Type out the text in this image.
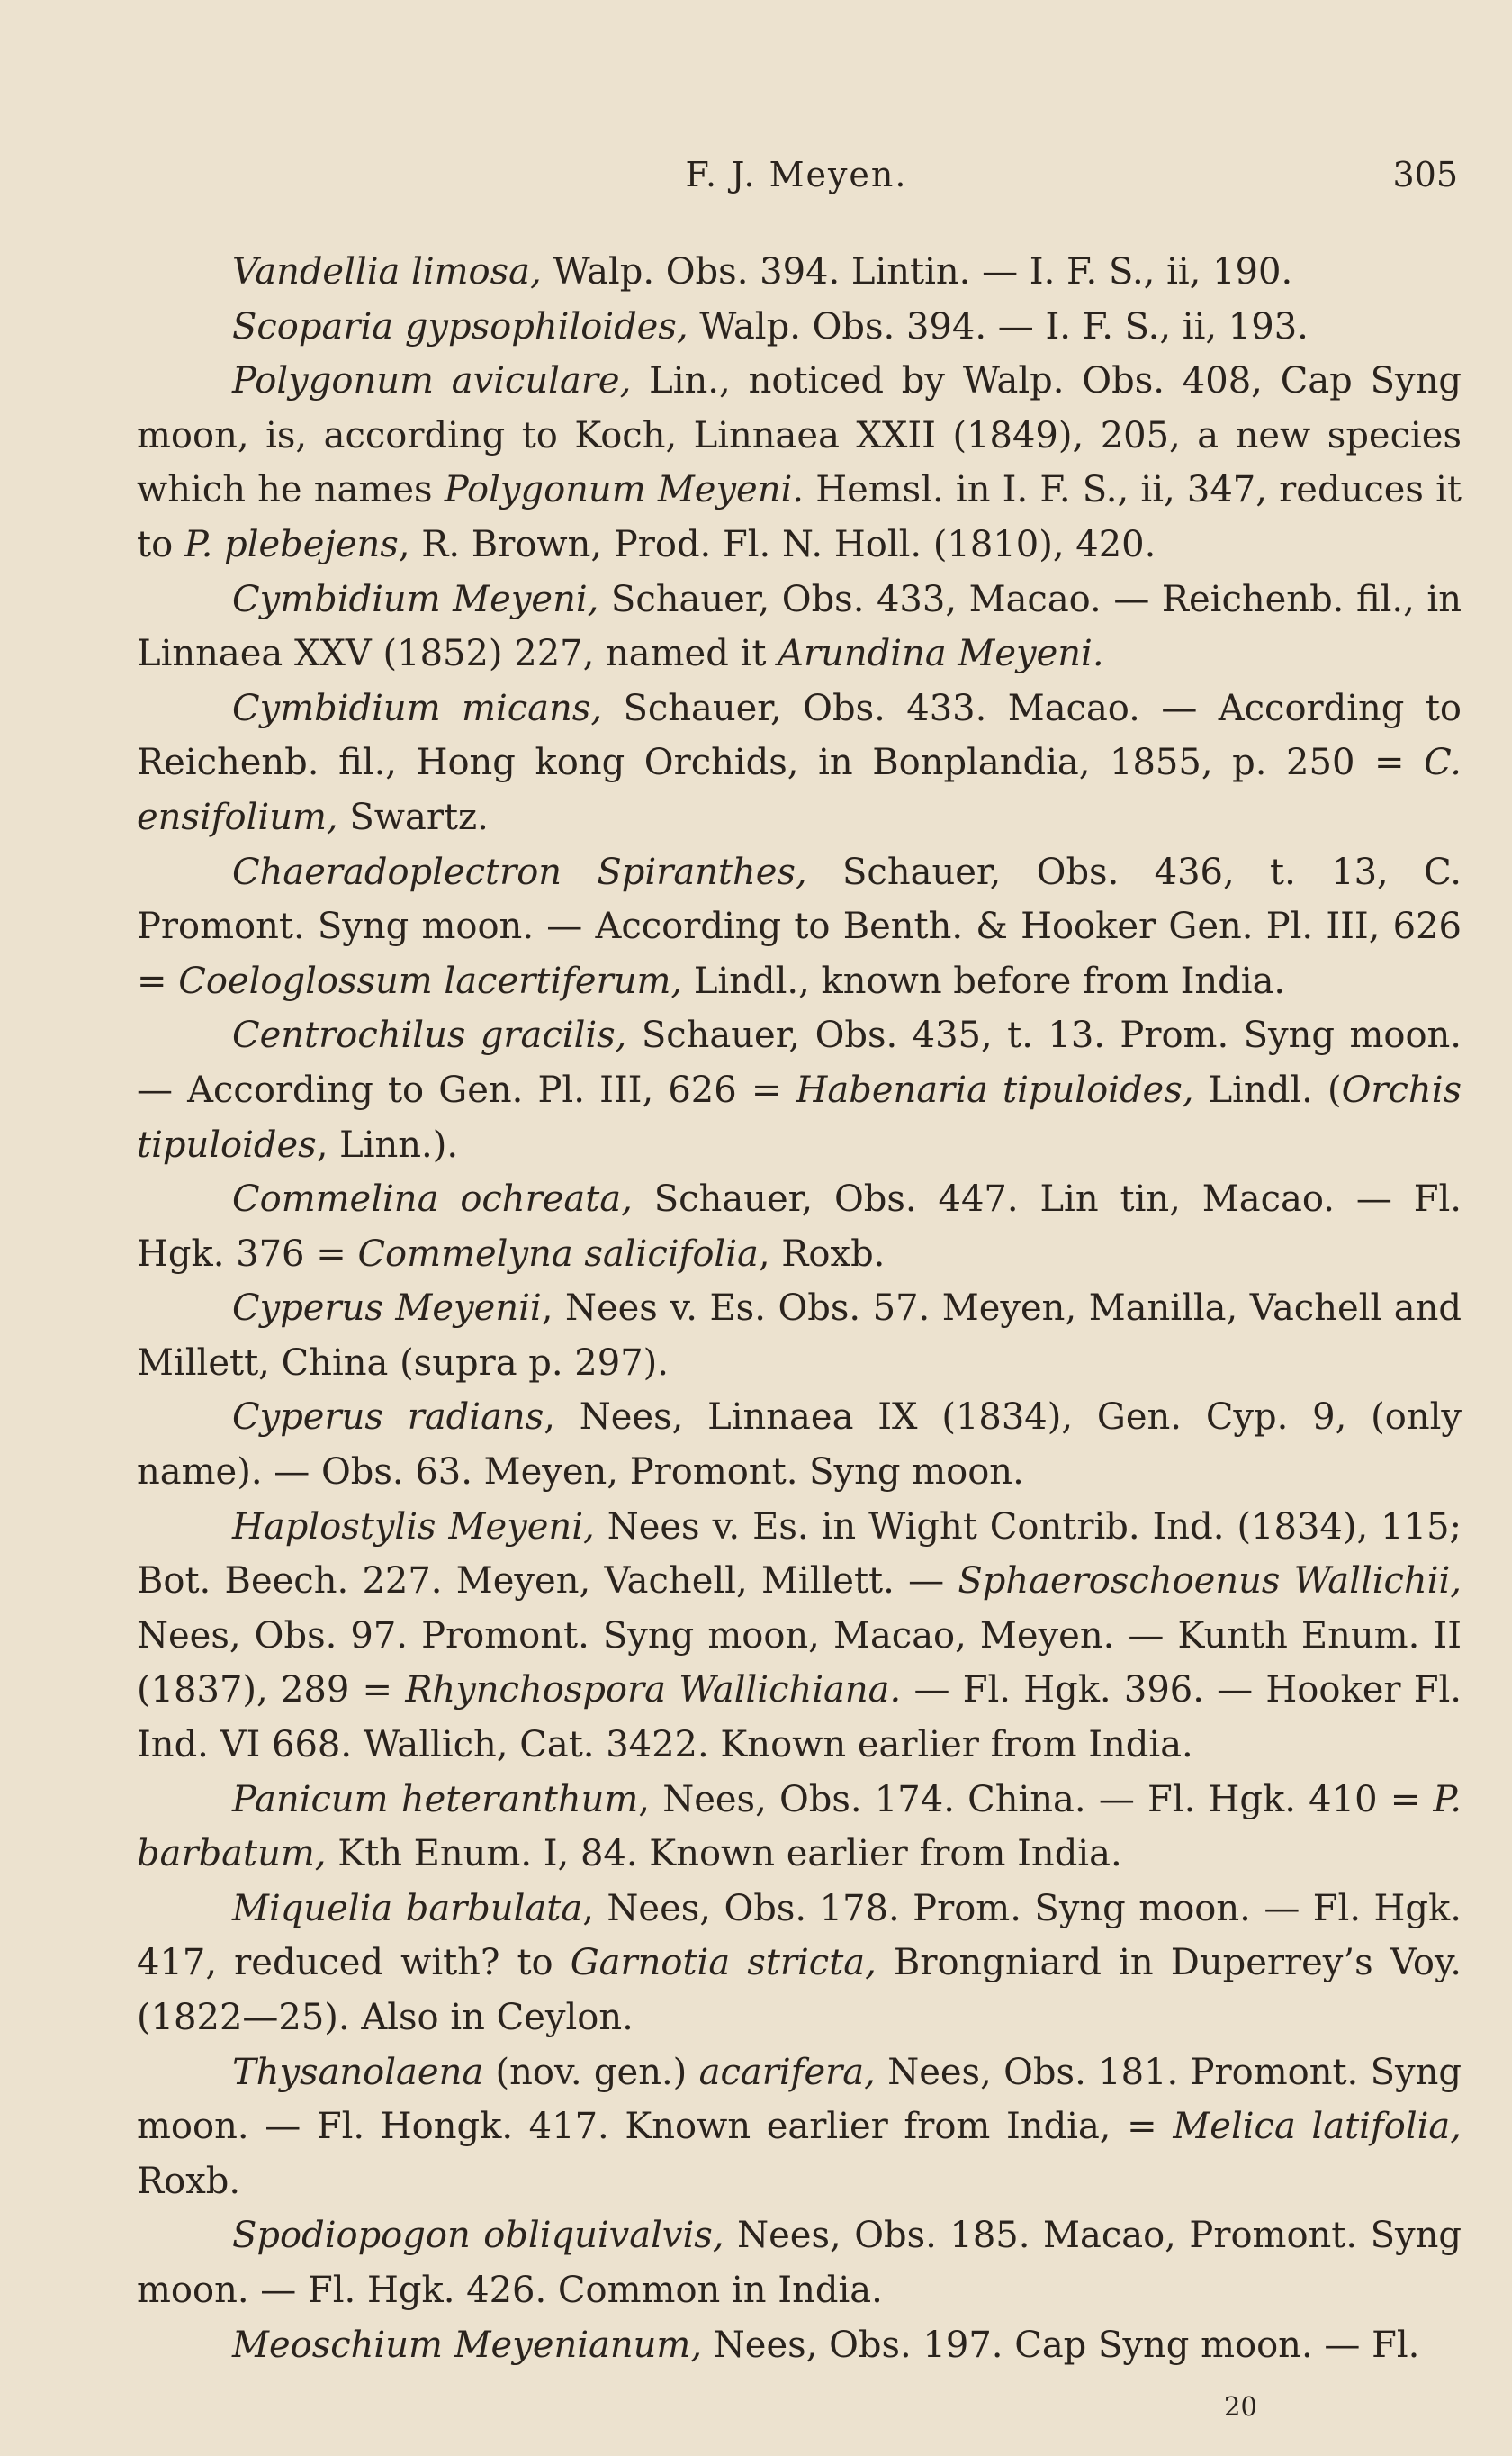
F. J. Meyen.	305

Vandellia limosa, Walp. Obs. 394. Lintin. — I. F. S., ii, 190.

Scoparia gypsophiloides, Walp. Obs. 394. — I. F. S., ii, 193.

Polygonum aviculare, Lin., noticed by Walp. Obs. 408, Cap Syng moon, is, according to Koch, Linnaea XXII (1849), 205, a new species which he names Polygonum Meyeni. Hemsl. in I. F. S., ii, 347, reduces it to P. plebejens, R. Brown, Prod. Fl. N. Holl. (1810), 420.

Cymbidium Meyeni, Schauer, Obs. 433, Macao. — Reichenb. fil., in Linnaea XXV (1852) 227, named it Arundina Meyeni.

Cymbidium micans, Schauer, Obs. 433. Macao. — According to Reichenb. fil., Hong kong Orchids, in Bonplandia, 1855, p. 250 = C. ensifolium, Swartz.

Chaeradoplectron Spiranthes, Schauer, Obs. 436, t. 13, C. Promont. Syng moon. — According to Benth. & Hooker Gen. Pl. III, 626 = Coeloglossum lacertiferum, Lindl., known before from India.

Centrochilus gracilis, Schauer, Obs. 435, t. 13. Prom. Syng moon. — According to Gen. Pl. III, 626 = Habenaria tipuloides, Lindl. (Orchis tipuloides, Linn.).

Commelina ochreata, Schauer, Obs. 447. Lin tin, Macao. — Fl. Hgk. 376 = Commelyna salicifolia, Roxb.

Cyperus Meyenii, Nees v. Es. Obs. 57. Meyen, Manilla, Vachell and Millett, China (supra p. 297).

Cyperus radians, Nees, Linnaea IX (1834), Gen. Cyp. 9, (only name). — Obs. 63. Meyen, Promont. Syng moon.

Haplostylis Meyeni, Nees v. Es. in Wight Contrib. Ind. (1834), 115; Bot. Beech. 227. Meyen, Vachell, Millett. — Sphaeroschoenus Wallichii, Nees, Obs. 97. Promont. Syng moon, Macao, Meyen. — Kunth Enum. II (1837), 289 = Rhynchospora Wallichiana. — Fl. Hgk. 396. — Hooker Fl. Ind. VI 668. Wallich, Cat. 3422. Known earlier from India.

Panicum heteranthum, Nees, Obs. 174. China. — Fl. Hgk. 410 = P. barbatum, Kth Enum. I, 84. Known earlier from India.

Miquelia barbulata, Nees, Obs. 178. Prom. Syng moon. — Fl. Hgk. 417, reduced with? to Garnotia stricta, Brongniard in Duperrey’s Voy. (1822—25). Also in Ceylon.

Thysanolaena (nov. gen.) acarifera, Nees, Obs. 181. Promont. Syng moon. — Fl. Hongk. 417. Known earlier from India, = Melica latifolia, Roxb.

Spodiopogon obliquivalvis, Nees, Obs. 185. Macao, Promont. Syng moon. — Fl. Hgk. 426. Common in India.

Meoschium Meyenianum, Nees, Obs. 197. Cap Syng moon. — Fl.

20
